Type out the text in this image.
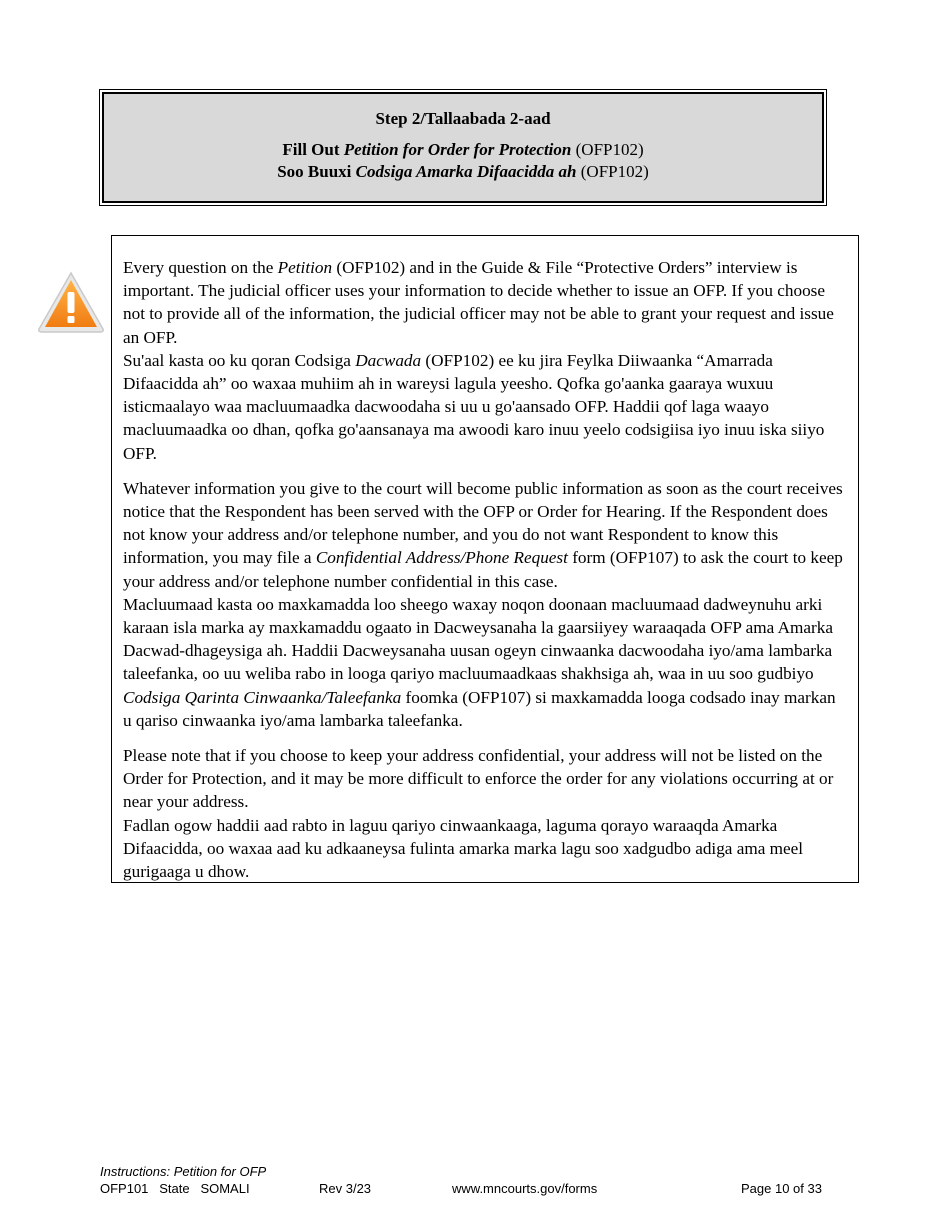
Step 2/Tallaabada 2-aad
Fill Out Petition for Order for Protection (OFP102)
Soo Buuxi Codsiga Amarka Difaacidda ah (OFP102)

Every question on the Petition (OFP102) and in the Guide & File “Protective Orders” interview is important. The judicial officer uses your information to decide whether to issue an OFP. If you choose not to provide all of the information, the judicial officer may not be able to grant your request and issue an OFP.

Su'aal kasta oo ku qoran Codsiga Dacwada (OFP102) ee ku jira Feylka Diiwaanka “Amarrada Difaacidda ah” oo waxaa muhiim ah in wareysi lagula yeesho. Qofka go'aanka gaaraya wuxuu isticmaalayo waa macluumaadka dacwoodaha si uu u go'aansado OFP. Haddii qof laga waayo macluumaadka oo dhan, qofka go'aansanaya ma awoodi karo inuu yeelo codsigiisa iyo inuu iska siiyo OFP.

Whatever information you give to the court will become public information as soon as the court receives notice that the Respondent has been served with the OFP or Order for Hearing. If the Respondent does not know your address and/or telephone number, and you do not want Respondent to know this information, you may file a Confidential Address/Phone Request form (OFP107) to ask the court to keep your address and/or telephone number confidential in this case.

Macluumaad kasta oo maxkamadda loo sheego waxay noqon doonaan macluumaad dadweynuhu arki karaan isla marka ay maxkamaddu ogaato in Dacweysanaha la gaarsiiyey waraaqada OFP ama Amarka Dacwad-dhageysiga ah. Haddii Dacweysanaha uusan ogeyn cinwaanka dacwoodaha iyo/ama lambarka taleefanka, oo uu weliba rabo in looga qariyo macluumaadkaas shakhsiga ah, waa in uu soo gudbiyo Codsiga Qarinta Cinwaanka/Taleefanka foomka (OFP107) si maxkamadda looga codsado inay markan u qariso cinwaanka iyo/ama lambarka taleefanka.

Please note that if you choose to keep your address confidential, your address will not be listed on the Order for Protection, and it may be more difficult to enforce the order for any violations occurring at or near your address.

Fadlan ogow haddii aad rabto in laguu qariyo cinwaankaaga, laguma qorayo waraaqda Amarka Difaacidda, oo waxaa aad ku adkaaneysa fulinta amarka marka lagu soo xadgudbo adiga ama meel gurigaaga u dhow.

Instructions: Petition for OFP
OFP101   State   SOMALI	Rev 3/23	www.mncourts.gov/forms	Page 10 of 33
